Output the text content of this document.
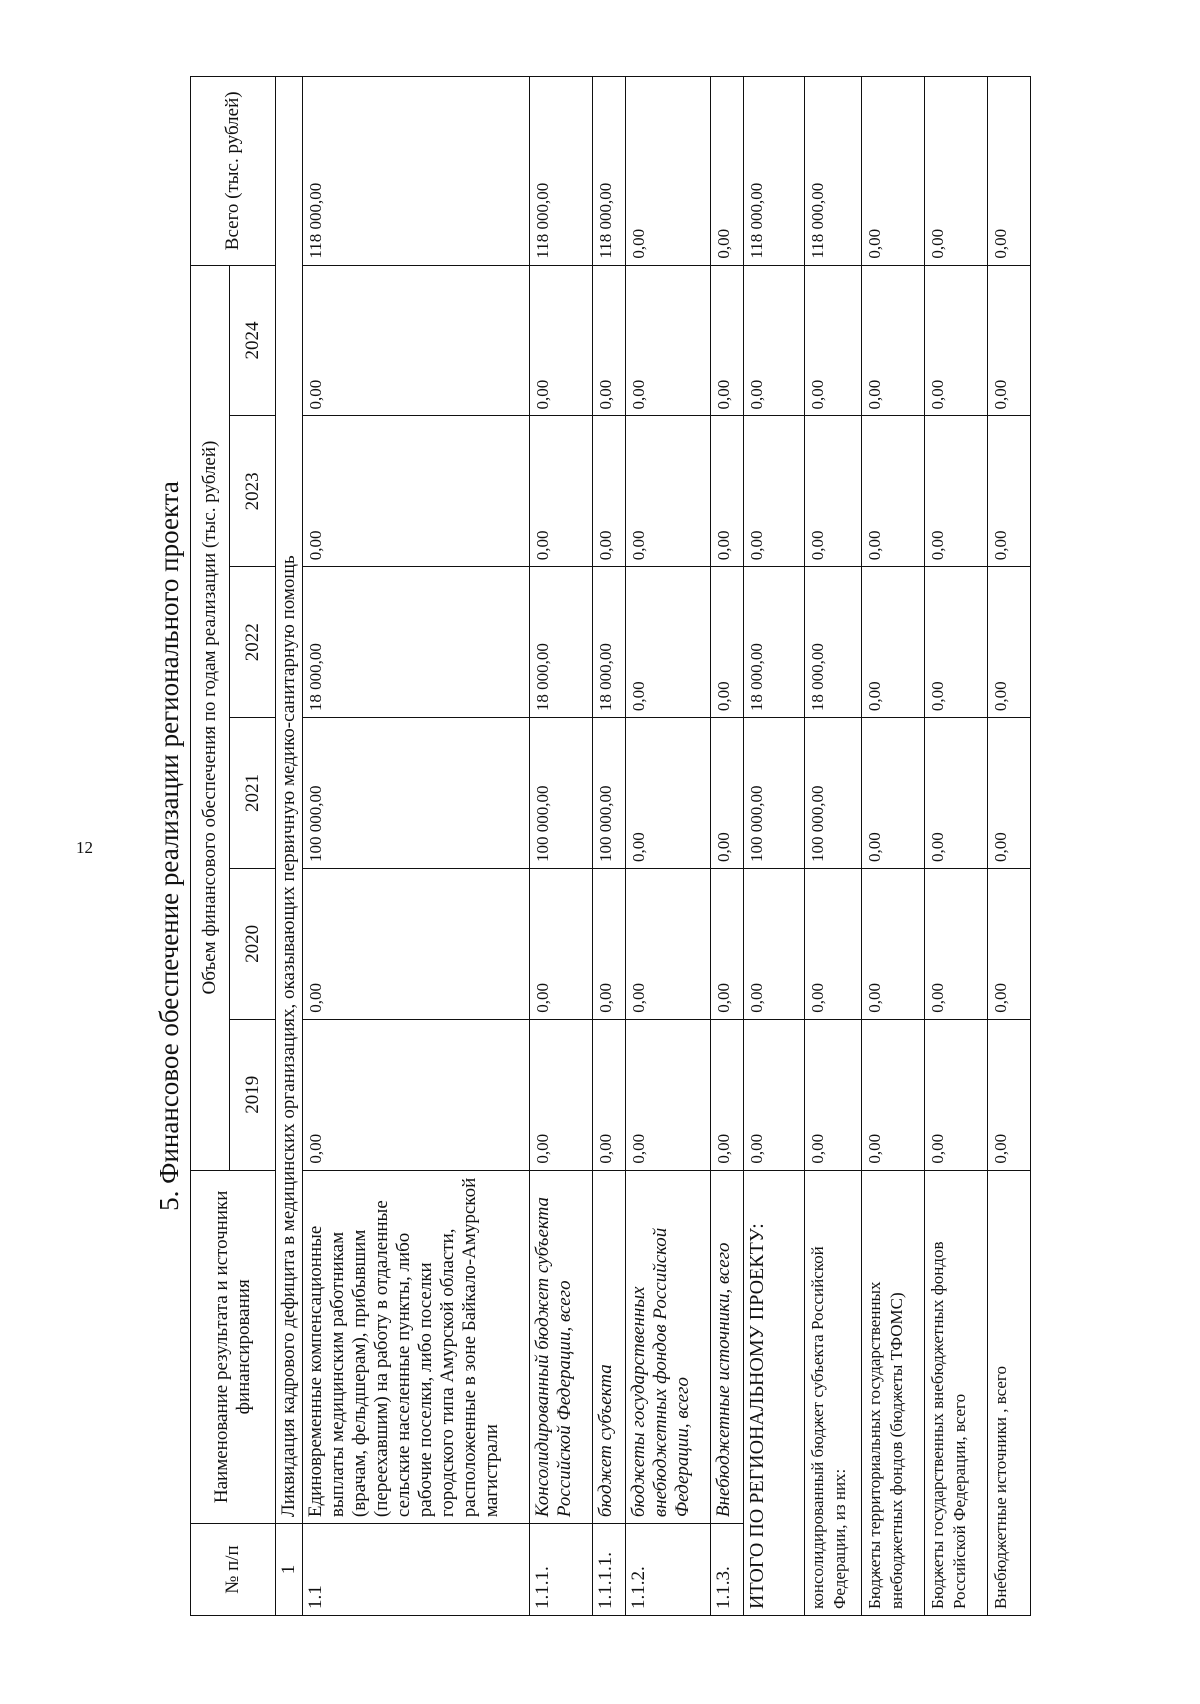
12 5. Финансовое обеспечение реализации регионального проекта
№ п/п	Наименование результата и источники финансирования	Объем финансового обеспечения по годам реализации (тыс. рублей)						Всего (тыс. рублей)
		2019	2020	2021	2022	2023	2024	
1	Ликвидация кадрового дефицита в медицинских организациях, оказывающих первичную медико-санитарную помощь							
1.1	Единовременные компенсационные выплаты медицинским работникам (врачам, фельдшерам), прибывшим (переехавшим) на работу в отдаленные сельские населенные пункты, либо рабочие поселки, либо поселки городского типа Амурской области, расположенные в зоне Байкало-Амурской магистрали	0,00	0,00	100 000,00	18 000,00	0,00	0,00	118 000,00
1.1.1.	Консолидированный бюджет субъекта Российской Федерации, всего	0,00	0,00	100 000,00	18 000,00	0,00	0,00	118 000,00
1.1.1.1.	бюджет субъекта	0,00	0,00	100 000,00	18 000,00	0,00	0,00	118 000,00
1.1.2.	бюджеты государственных внебюджетных фондов Российской Федерации, всего	0,00	0,00	0,00	0,00	0,00	0,00	0,00
1.1.3.	Внебюджетные источники, всего	0,00	0,00	0,00	0,00	0,00	0,00	0,00
ИТОГО ПО РЕГИОНАЛЬНОМУ ПРОЕКТУ:		0,00	0,00	100 000,00	18 000,00	0,00	0,00	118 000,00
консолидированный бюджет субъекта Российской Федерации, из них:		0,00	0,00	100 000,00	18 000,00	0,00	0,00	118 000,00
Бюджеты территориальных государственных внебюджетных фондов (бюджеты ТФОМС)		0,00	0,00	0,00	0,00	0,00	0,00	0,00
Бюджеты государственных внебюджетных фондов Российской Федерации, всего		0,00	0,00	0,00	0,00	0,00	0,00	0,00
Внебюджетные источники , всего		0,00	0,00	0,00	0,00	0,00	0,00	0,00
